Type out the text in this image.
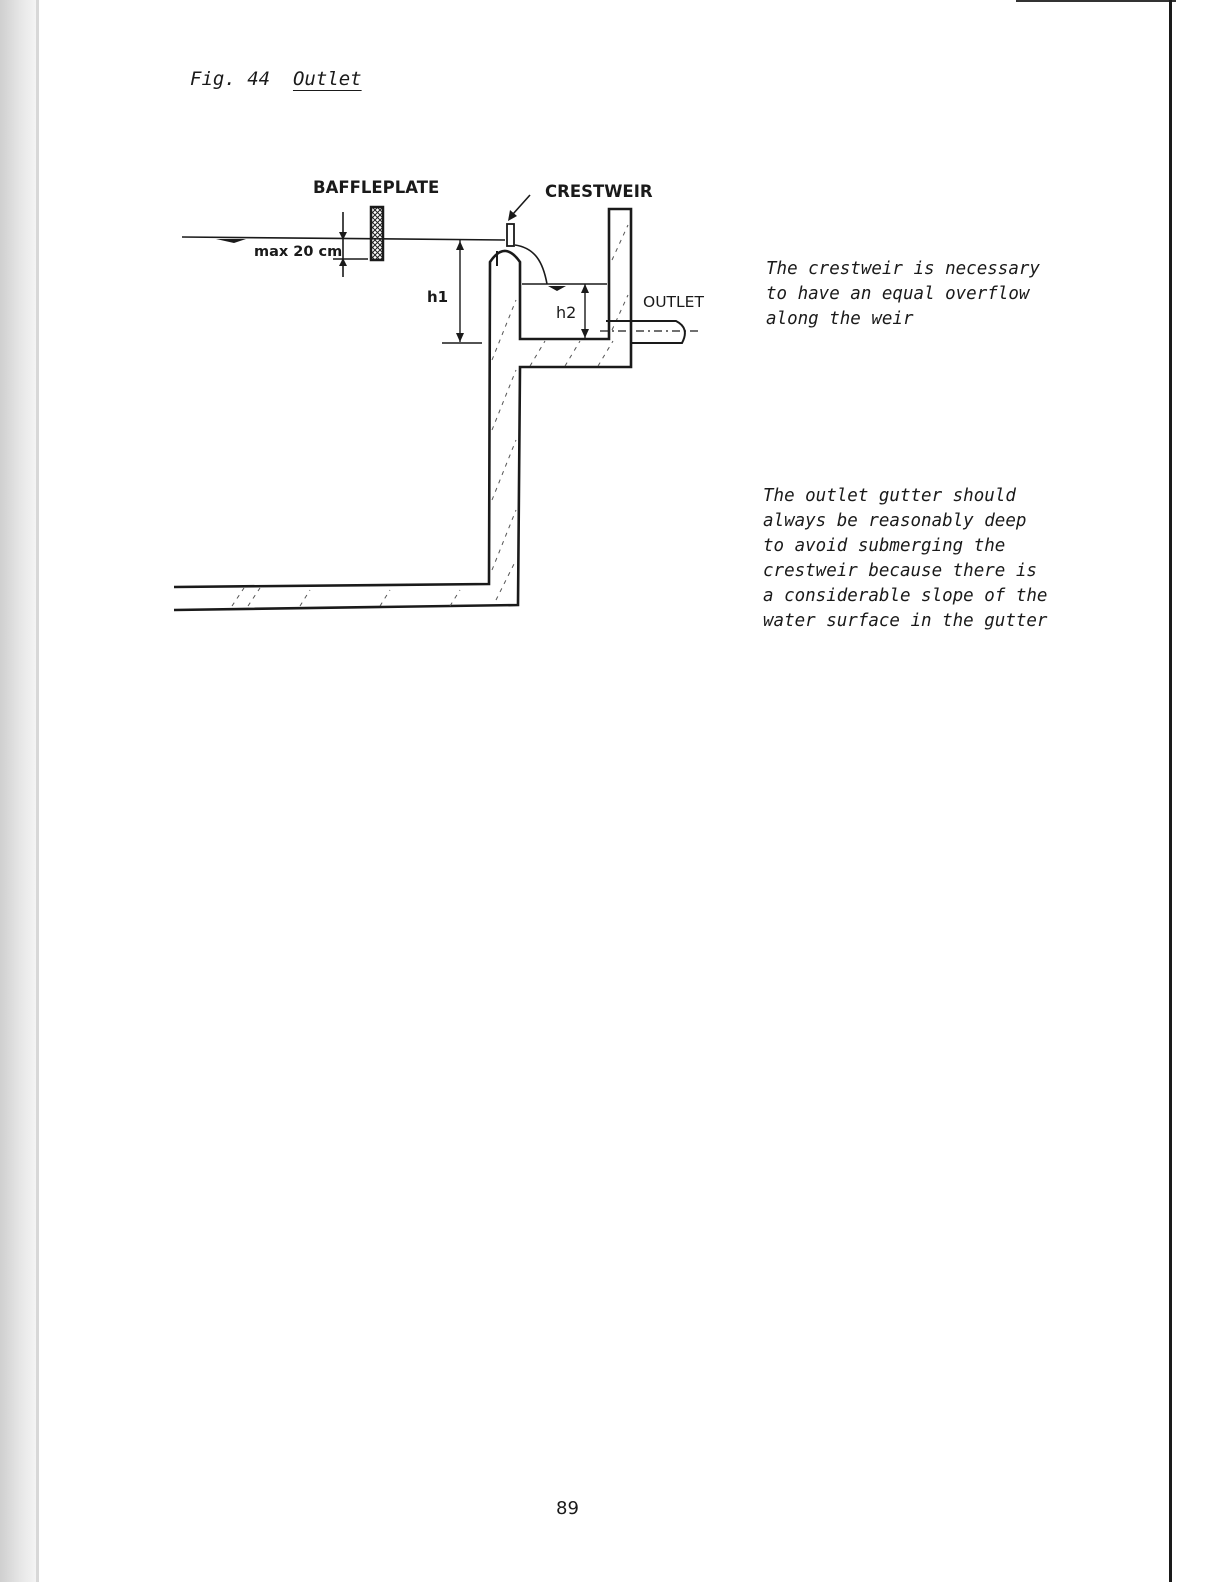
Fig. 44 Outlet
BAFFLEPLATE	CRESTWEIR
max 20 cm
h1
h2
OUTLET
The crestweir is necessary
to have an equal overflow
along the weir
The outlet gutter should
always be reasonably deep
to avoid submerging the
crestweir because there is
a considerable slope of the
water surface in the gutter
89
